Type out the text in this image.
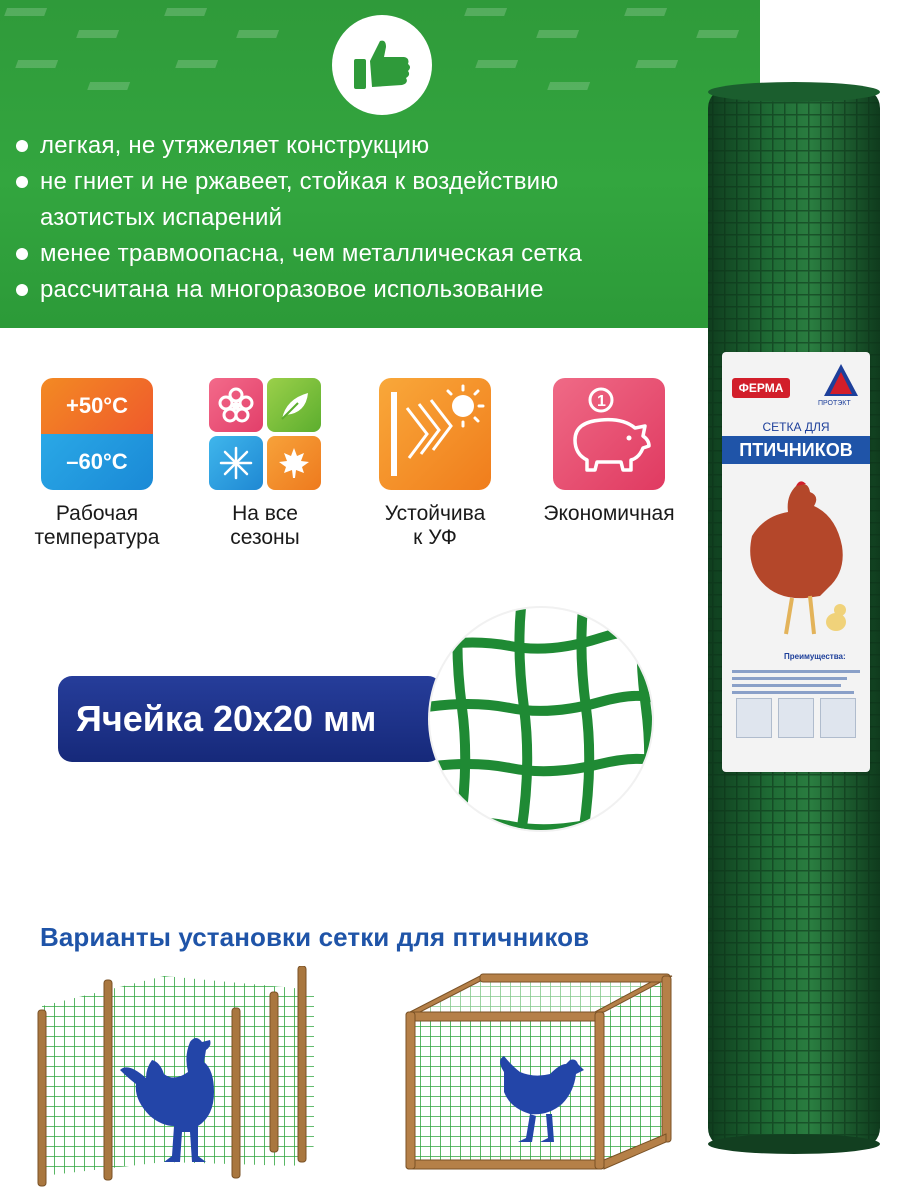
легкая, не утяжеляет конструкцию
не гниет и не ржавеет, стойкая к воздействию
азотистых испарений
менее травмоопасна, чем металлическая сетка
рассчитана на многоразовое использование
+50°C
–60°C
Рабочая
температура
На все
сезоны
Устойчива
к УФ
1
Экономичная
Ячейка 20х20 мм
ФЕРМА
ПРОТЭКТ
СЕТКА ДЛЯ
ПТИЧНИКОВ
Преимущества:
Варианты установки сетки для птичников
